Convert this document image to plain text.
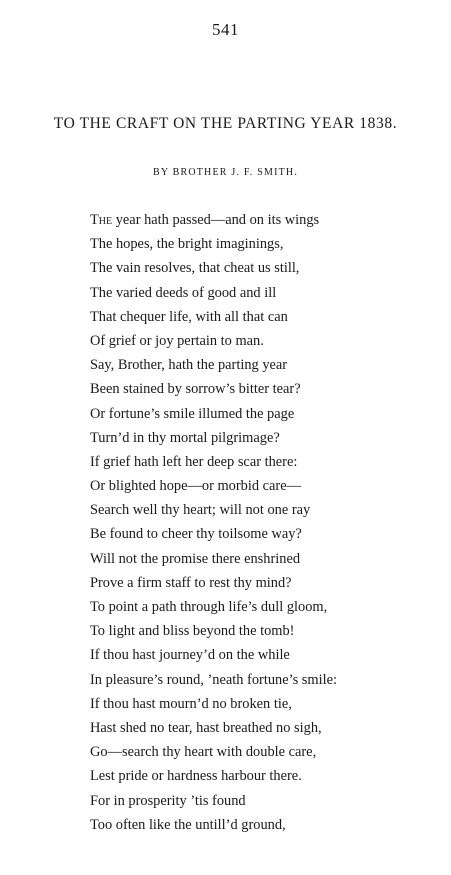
541
TO THE CRAFT ON THE PARTING YEAR 1838.
BY BROTHER J. F. SMITH.
The year hath passed—and on its wings
The hopes, the bright imaginings,
The vain resolves, that cheat us still,
The varied deeds of good and ill
That chequer life, with all that can
Of grief or joy pertain to man.
Say, Brother, hath the parting year
Been stained by sorrow’s bitter tear?
Or fortune’s smile illumed the page
Turn’d in thy mortal pilgrimage?
If grief hath left her deep scar there:
Or blighted hope—or morbid care—
Search well thy heart; will not one ray
Be found to cheer thy toilsome way?
Will not the promise there enshrined
Prove a firm staff to rest thy mind?
To point a path through life’s dull gloom,
To light and bliss beyond the tomb!
If thou hast journey’d on the while
In pleasure’s round, ’neath fortune’s smile:
If thou hast mourn’d no broken tie,
Hast shed no tear, hast breathed no sigh,
Go—search thy heart with double care,
Lest pride or hardness harbour there.
For in prosperity ’tis found
Too often like the untill’d ground,
